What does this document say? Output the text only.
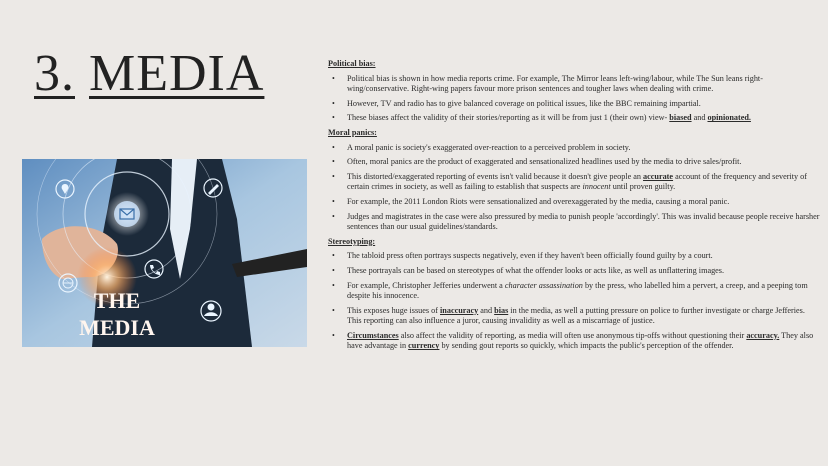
3. MEDIA
THE
MEDIA
Political bias:
• Political bias is shown in how media reports crime. For example, The Mirror leans left-wing/labour, while The Sun leans right-wing/conservative. Right-wing papers favour more prison sentences and tougher laws when dealing with crime.
• However, TV and radio has to give balanced coverage on political issues, like the BBC remaining impartial.
• These biases affect the validity of their stories/reporting as it will be from just 1 (their own) view- biased and opinionated.
Moral panics:
• A moral panic is society's exaggerated over-reaction to a perceived problem in society.
• Often, moral panics are the product of exaggerated and sensationalized headlines used by the media to drive sales/profit.
• This distorted/exaggerated reporting of events isn't valid because it doesn't give people an accurate account of the frequency and severity of certain crimes in society, as well as failing to establish that suspects are innocent until proven guilty.
• For example, the 2011 London Riots were sensationalized and overexaggerated by the media, causing a moral panic.
• Judges and magistrates in the case were also pressured by media to punish people 'accordingly'. This was invalid because people receive harsher sentences than our usual guidelines/standards.
Stereotyping:
• The tabloid press often portrays suspects negatively, even if they haven't been officially found guilty by a court.
• These portrayals can be based on stereotypes of what the offender looks or acts like, as well as unflattering images.
• For example, Christopher Jefferies underwent a character assassination by the press, who labelled him a pervert, a creep, and a peeping tom despite his innocence.
• This exposes huge issues of inaccuracy and bias in the media, as well a putting pressure on police to further investigate or charge Jefferies. This reporting can also influence a juror, causing invalidity as well as a miscarriage of justice.
• Circumstances also affect the validity of reporting, as media will often use anonymous tip-offs without questioning their accuracy. They also have advantage in currency by sending gout reports so quickly, which impacts the public's perception of the offender.
